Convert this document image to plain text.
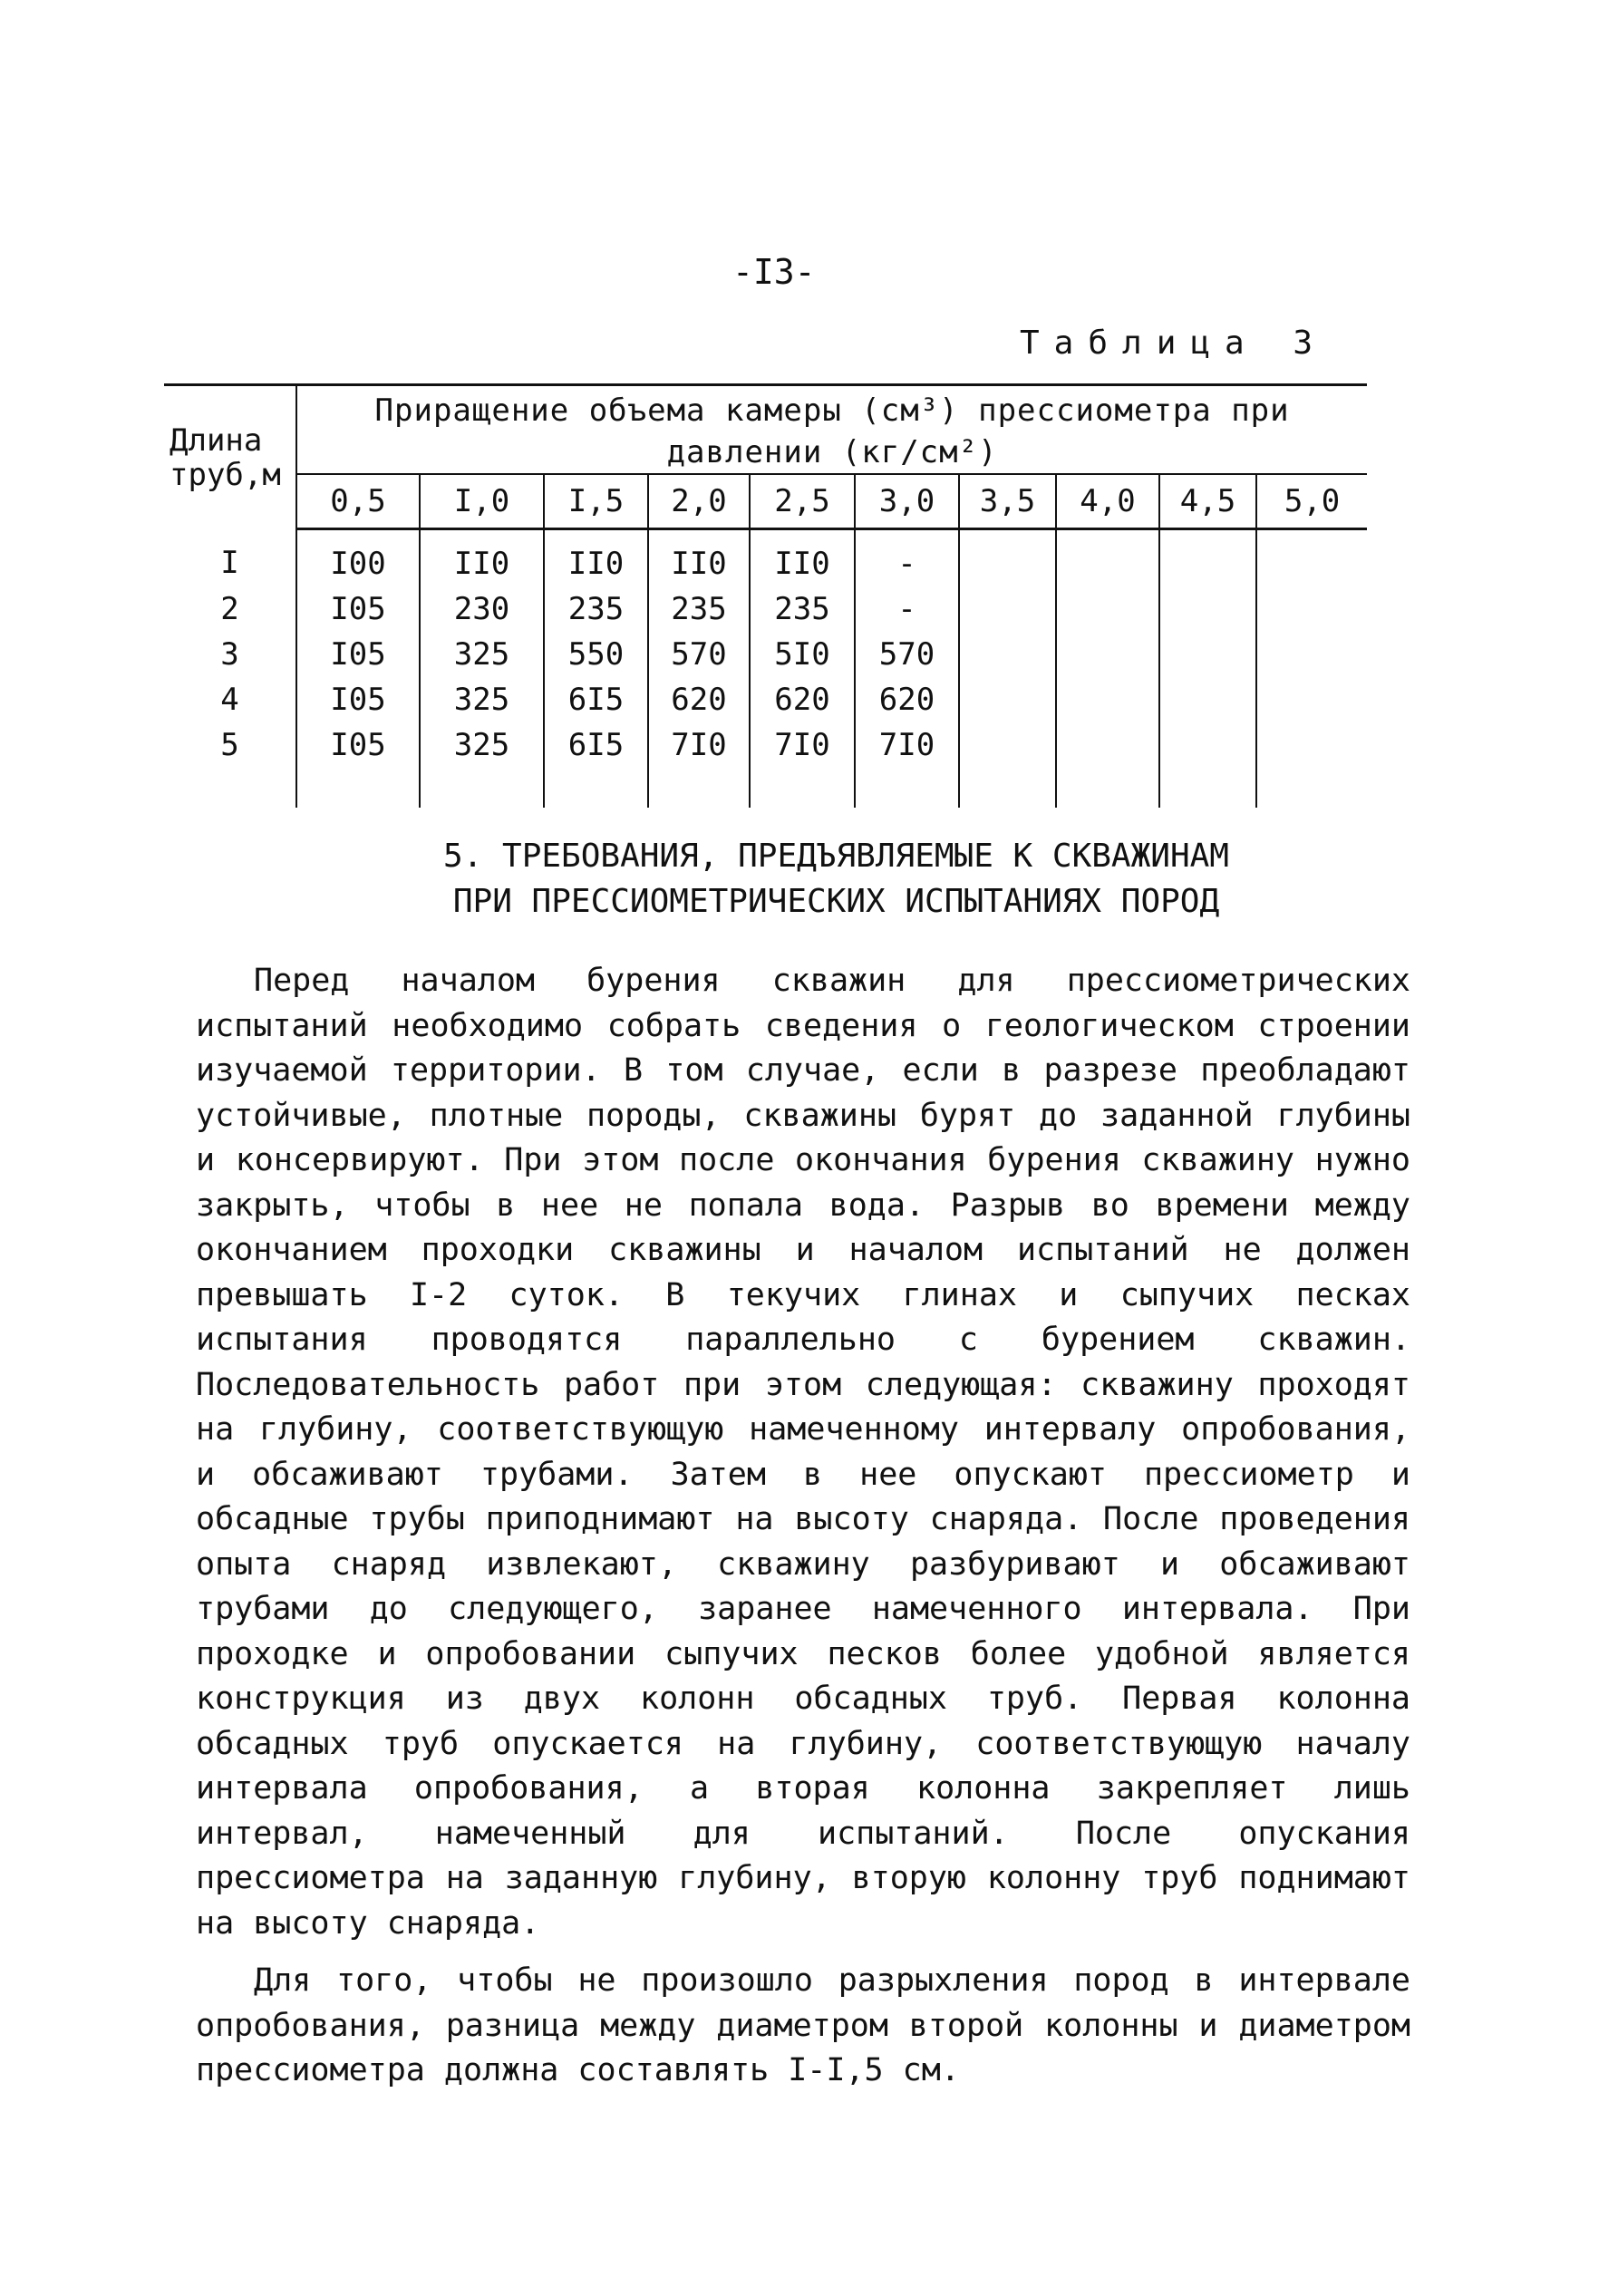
-I3-
Таблица 3
Длина
труб,м	Приращение объема камеры (см³) прессиометра при давлении (кг/см²)									
	0,5	I,0	I,5	2,0	2,5	3,0	3,5	4,0	4,5	5,0
I	I00	II0	II0	II0	II0	-				
2	I05	230	235	235	235	-				
3	I05	325	550	570	5I0	570				
4	I05	325	6I5	620	620	620				
5	I05	325	6I5	7I0	7I0	7I0				

5. ТРЕБОВАНИЯ, ПРЕДЪЯВЛЯЕМЫЕ К СКВАЖИНАМ
ПРИ ПРЕССИОМЕТРИЧЕСКИХ ИСПЫТАНИЯХ ПОРОД

Перед началом бурения скважин для прессиометрических испытаний необходимо собрать сведения о геологическом строении изучаемой территории. В том случае, если в разрезе преобладают устойчивые, плотные породы, скважины бурят до заданной глубины и консервируют. При этом после окончания бурения скважину нужно закрыть, чтобы в нее не попала вода. Разрыв во времени между окончанием проходки скважины и началом испытаний не должен превышать I-2 суток. В текучих глинах и сыпучих песках испытания проводятся параллельно с бурением скважин. Последовательность работ при этом следующая: скважину проходят на глубину, соответствующую намеченному интервалу опробования, и обсаживают трубами. Затем в нее опускают прессиометр и обсадные трубы приподнимают на высоту снаряда. После проведения опыта снаряд извлекают, скважину разбуривают и обсаживают трубами до следующего, заранее намеченного интервала. При проходке и опробовании сыпучих песков более удобной является конструкция из двух колонн обсадных труб. Первая колонна обсадных труб опускается на глубину, соответствующую началу интервала опробования, а вторая колонна закрепляет лишь интервал, намеченный для испытаний. После опускания прессиометра на заданную глубину, вторую колонну труб поднимают на высоту снаряда.

Для того, чтобы не произошло разрыхления пород в интервале опробования, разница между диаметром второй колонны и диаметром прессиометра должна составлять I-I,5 см.
